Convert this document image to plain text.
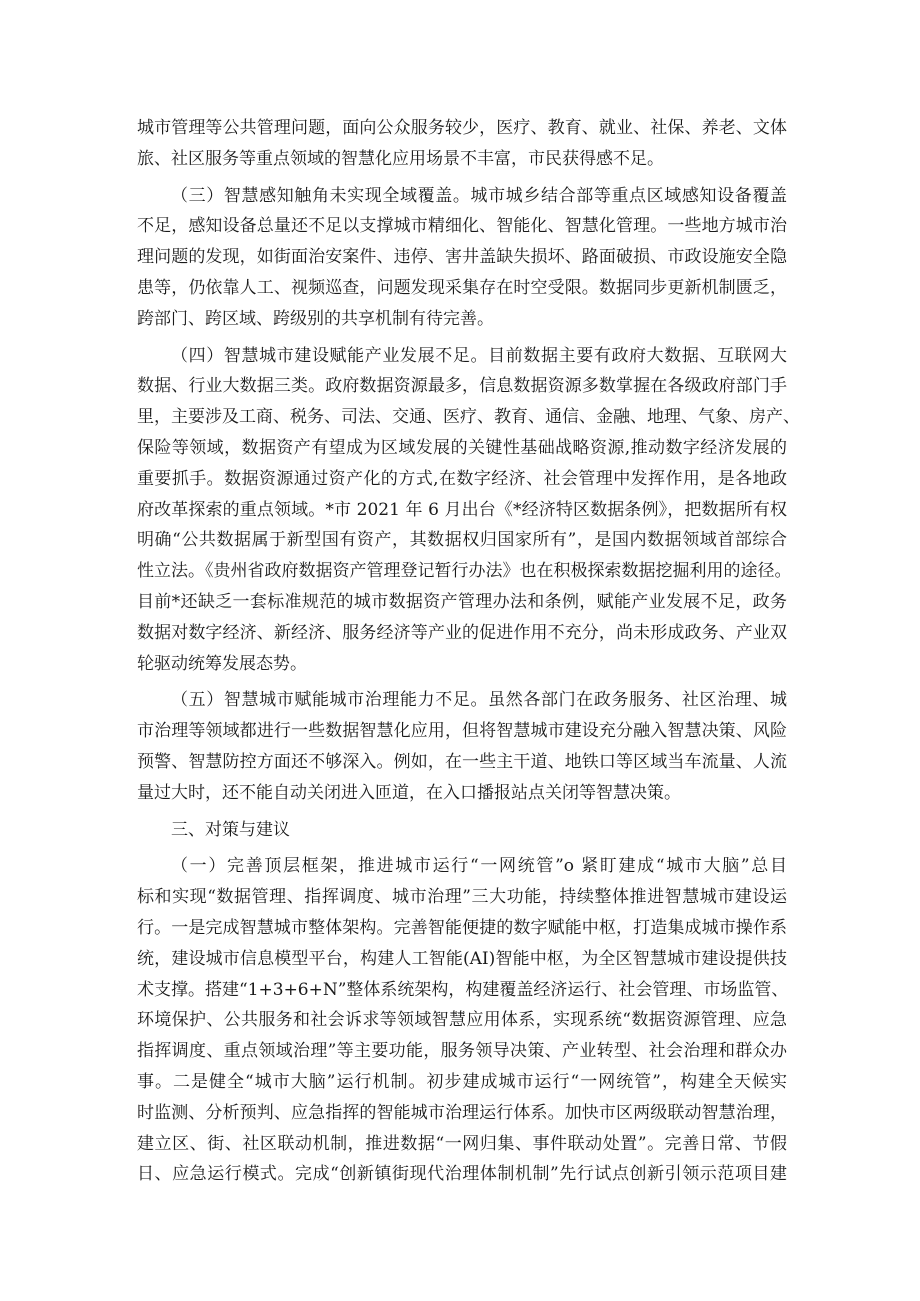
城市管理等公共管理问题，面向公众服务较少，医疗、教育、就业、社保、养老、文体
旅、社区服务等重点领域的智慧化应用场景不丰富，市民获得感不足。

（三）智慧感知触角未实现全域覆盖。城市城乡结合部等重点区域感知设备覆盖
不足，感知设备总量还不足以支撑城市精细化、智能化、智慧化管理。一些地方城市治
理问题的发现，如街面治安案件、违停、害井盖缺失损坏、路面破损、市政设施安全隐
患等，仍依靠人工、视频巡查，问题发现采集存在时空受限。数据同步更新机制匮乏，
跨部门、跨区域、跨级别的共享机制有待完善。

（四）智慧城市建设赋能产业发展不足。目前数据主要有政府大数据、互联网大
数据、行业大数据三类。政府数据资源最多，信息数据资源多数掌握在各级政府部门手
里，主要涉及工商、税务、司法、交通、医疗、教育、通信、金融、地理、气象、房产、
保险等领域，数据资产有望成为区域发展的关键性基础战略资源,推动数字经济发展的
重要抓手。数据资源通过资产化的方式,在数字经济、社会管理中发挥作用，是各地政
府改革探索的重点领域。*市 2021 年 6 月出台《*经济特区数据条例》，把数据所有权
明确“公共数据属于新型国有资产，其数据权归国家所有”，是国内数据领域首部综合
性立法。《贵州省政府数据资产管理登记暂行办法》也在积极探索数据挖掘利用的途径。
目前*还缺乏一套标准规范的城市数据资产管理办法和条例，赋能产业发展不足，政务
数据对数字经济、新经济、服务经济等产业的促进作用不充分，尚未形成政务、产业双
轮驱动统筹发展态势。

（五）智慧城市赋能城市治理能力不足。虽然各部门在政务服务、社区治理、城
市治理等领域都进行一些数据智慧化应用，但将智慧城市建设充分融入智慧决策、风险
预警、智慧防控方面还不够深入。例如，在一些主干道、地铁口等区域当车流量、人流
量过大时，还不能自动关闭进入匝道，在入口播报站点关闭等智慧决策。

三、对策与建议

（一）完善顶层框架，推进城市运行“一网统管”o 紧盯建成“城市大脑”总目
标和实现“数据管理、指挥调度、城市治理”三大功能，持续整体推进智慧城市建设运
行。一是完成智慧城市整体架构。完善智能便捷的数字赋能中枢，打造集成城市操作系
统，建设城市信息模型平台，构建人工智能(AI)智能中枢，为全区智慧城市建设提供技
术支撑。搭建“1+3+6+N”整体系统架构，构建覆盖经济运行、社会管理、市场监管、
环境保护、公共服务和社会诉求等领域智慧应用体系，实现系统“数据资源管理、应急
指挥调度、重点领域治理”等主要功能，服务领导决策、产业转型、社会治理和群众办
事。二是健全“城市大脑”运行机制。初步建成城市运行“一网统管”，构建全天候实
时监测、分析预判、应急指挥的智能城市治理运行体系。加快市区两级联动智慧治理，
建立区、街、社区联动机制，推进数据“一网归集、事件联动处置”。完善日常、节假
日、应急运行模式。完成“创新镇街现代治理体制机制”先行试点创新引领示范项目建
